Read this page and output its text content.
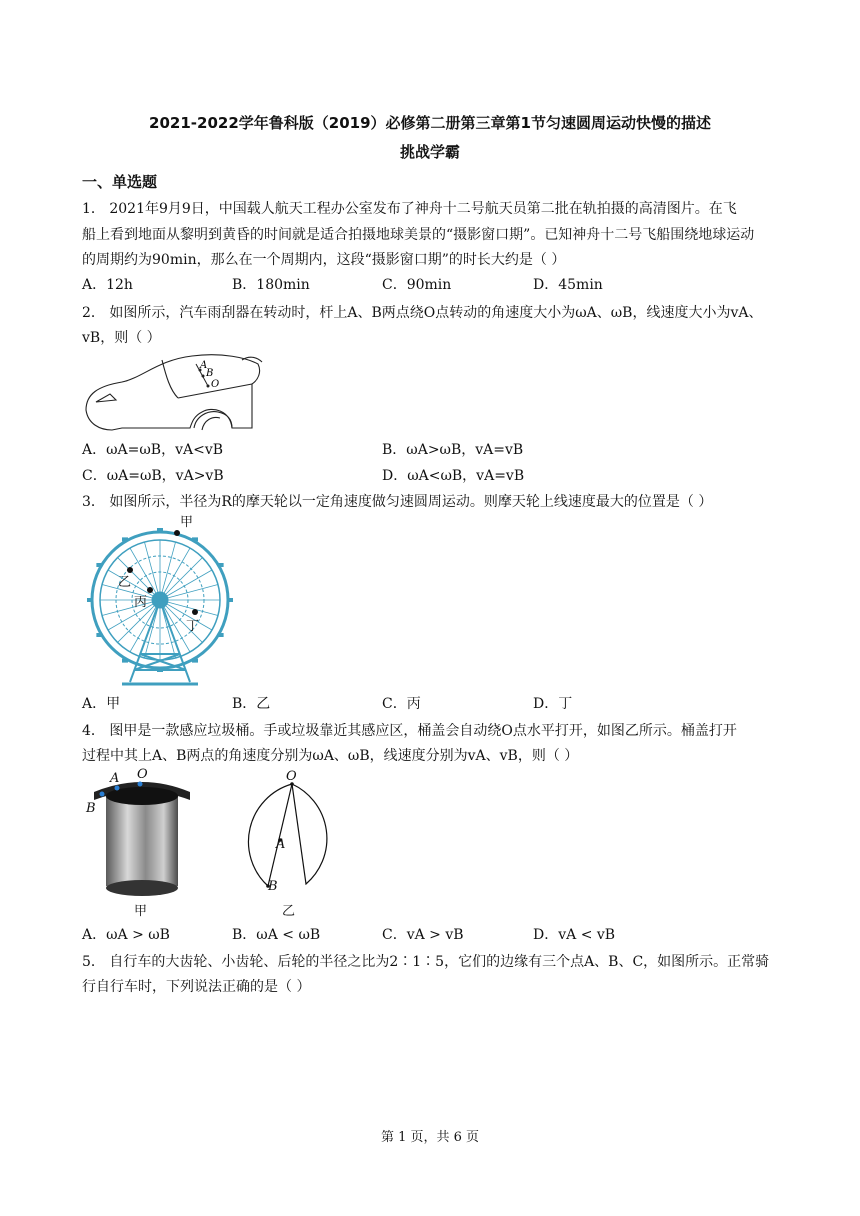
2021-2022学年鲁科版（2019）必修第二册第三章第1节匀速圆周运动快慢的描述
挑战学霸
一、单选题
1． 2021年9月9日，中国载人航天工程办公室发布了神舟十二号航天员第二批在轨拍摄的高清图片。在飞
船上看到地面从黎明到黄昏的时间就是适合拍摄地球美景的“摄影窗口期”。已知神舟十二号飞船围绕地球运动
的周期约为90min，那么在一个周期内，这段“摄影窗口期”的时长大约是（ ）
A．12h	B．180min	C．90min	D．45min
2． 如图所示，汽车雨刮器在转动时，杆上A、B两点绕O点转动的角速度大小为ωA、ωB，线速度大小为vA、
vB，则（ ）
A
B
O
A．ωA=ωB，vA<vB	B．ωA>ωB，vA=vB
C．ωA=ωB，vA>vB	D．ωA<ωB，vA=vB
3． 如图所示，半径为R的摩天轮以一定角速度做匀速圆周运动。则摩天轮上线速度最大的位置是（ ）
甲
乙
丙
丁
A．甲	B．乙	C．丙	D．丁
4． 图甲是一款感应垃圾桶。手或垃圾靠近其感应区，桶盖会自动绕O点水平打开，如图乙所示。桶盖打开
过程中其上A、B两点的角速度分别为ωA、ωB，线速度分别为vA、vB，则（ ）
A O
B
甲
O
A
B
乙
A．ωA > ωB	B．ωA < ωB	C．vA > vB	D．vA < vB
5． 自行车的大齿轮、小齿轮、后轮的半径之比为2∶1∶5，它们的边缘有三个点A、B、C，如图所示。正常骑
行自行车时，下列说法正确的是（ ）
第 1 页，共 6 页
